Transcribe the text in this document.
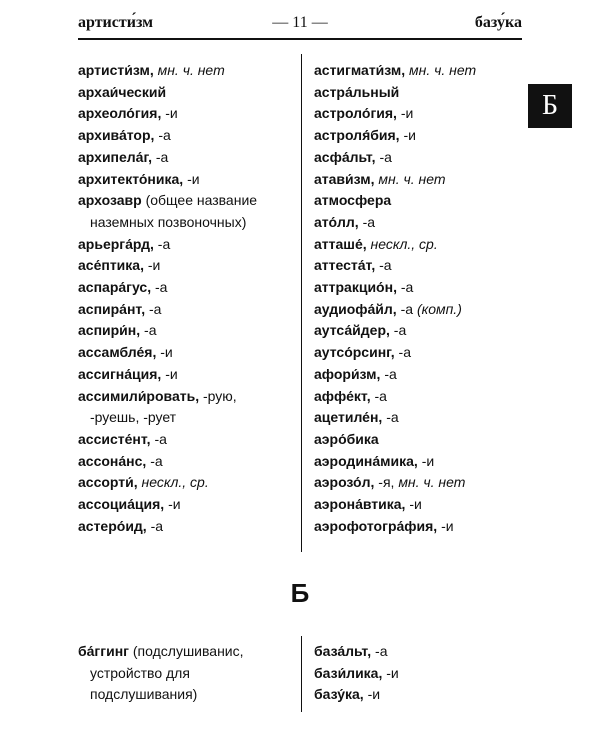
артисти́зм	— 11 —	базу́ка
Б
артисти́зм, мн. ч. нет
архаи́ческий
археоло́гия, -и
архива́тор, -а
архипела́г, -а
архитекто́ника, -и
архозавр (общее название
наземных позвоночных)
арьерга́рд, -а
асе́птика, -и
аспара́гус, -а
аспира́нт, -а
аспири́н, -а
ассамбле́я, -и
ассигна́ция, -и
ассимили́ровать, -рую,
-руешь, -рует
ассисте́нт, -а
ассона́нс, -а
ассорти́, нескл., ср.
ассоциа́ция, -и
астеро́ид, -а
астигмати́зм, мн. ч. нет
астра́льный
астроло́гия, -и
астроля́бия, -и
асфа́льт, -а
атави́зм, мн. ч. нет
атмосфера
ато́лл, -а
атташе́, нескл., ср.
аттеста́т, -а
аттракцио́н, -а
аудиофа́йл, -а (комп.)
аутса́йдер, -а
аутсо́рсинг, -а
афори́зм, -а
аффе́кт, -а
ацетиле́н, -а
аэро́бика
аэродина́мика, -и
аэрозо́л, -я, мн. ч. нет
аэрона́втика, -и
аэрофотогра́фия, -и
Б
ба́ггинг (подслушиванис,
устройство для
подслушивания)
база́льт, -а
бази́лика, -и
базу́ка, -и
